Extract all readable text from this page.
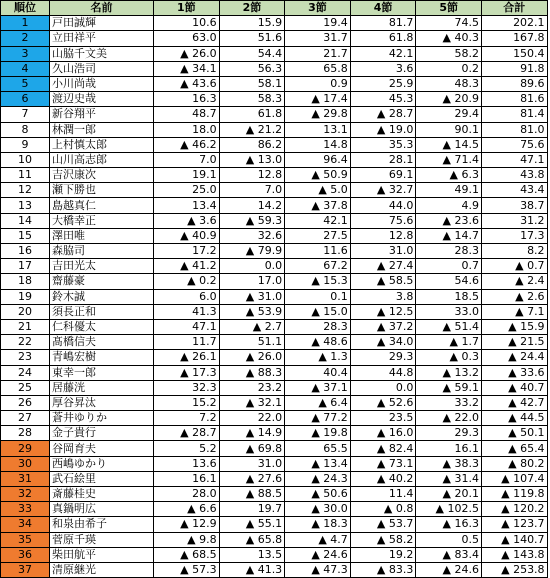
順位	名前	1節	2節	3節	4節	5節	合計
1	戸田誠輝	10.6	15.9	19.4	81.7	74.5	202.1
2	立田祥平	63.0	51.6	31.7	61.8	▲ 40.3	167.8
3	山脇千文美	▲ 26.0	54.4	21.7	42.1	58.2	150.4
4	久山浩司	▲ 34.1	56.3	65.8	3.6	0.2	91.8
5	小川尚哉	▲ 43.6	58.1	0.9	25.9	48.3	89.6
6	渡辺史哉	16.3	58.3	▲ 17.4	45.3	▲ 20.9	81.6
7	新谷翔平	48.7	61.8	▲ 29.8	▲ 28.7	29.4	81.4
8	林潤一郎	18.0	▲ 21.2	13.1	▲ 19.0	90.1	81.0
9	上村慎太郎	▲ 46.2	86.2	14.8	35.3	▲ 14.5	75.6
10	山川高志郎	7.0	▲ 13.0	96.4	28.1	▲ 71.4	47.1
11	吉沢康次	19.1	12.8	▲ 50.9	69.1	▲ 6.3	43.8
12	瀬下勝也	25.0	7.0	▲ 5.0	▲ 32.7	49.1	43.4
13	島越真仁	13.4	14.2	▲ 37.8	44.0	4.9	38.7
14	大橋幸正	▲ 3.6	▲ 59.3	42.1	75.6	▲ 23.6	31.2
15	澤田唯	▲ 40.9	32.6	27.5	12.8	▲ 14.7	17.3
16	森脇司	17.2	▲ 79.9	11.6	31.0	28.3	8.2
17	吉田光太	▲ 41.2	0.0	67.2	▲ 27.4	0.7	▲ 0.7
18	齋藤豪	▲ 0.2	17.0	▲ 15.3	▲ 58.5	54.6	▲ 2.4
19	鈴木誠	6.0	▲ 31.0	0.1	3.8	18.5	▲ 2.6
20	須長正和	41.3	▲ 53.9	▲ 15.0	▲ 12.5	33.0	▲ 7.1
21	仁科優太	47.1	▲ 2.7	28.3	▲ 37.2	▲ 51.4	▲ 15.9
22	髙橋信夫	11.7	51.1	▲ 48.6	▲ 34.0	▲ 1.7	▲ 21.5
23	青嶋宏樹	▲ 26.1	▲ 26.0	▲ 1.3	29.3	▲ 0.3	▲ 24.4
24	東幸一郎	▲ 17.3	▲ 88.3	40.4	44.8	▲ 13.2	▲ 33.6
25	居藤洸	32.3	23.2	▲ 37.1	0.0	▲ 59.1	▲ 40.7
26	厚谷昇汰	15.2	▲ 32.1	▲ 6.4	▲ 52.6	33.2	▲ 42.7
27	蒼井ゆりか	7.2	22.0	▲ 77.2	23.5	▲ 22.0	▲ 44.5
28	金子貴行	▲ 28.7	▲ 14.9	▲ 19.8	▲ 16.0	29.3	▲ 50.1
29	谷岡育夫	5.2	▲ 69.8	65.5	▲ 82.4	16.1	▲ 65.4
30	西嶋ゆかり	13.6	31.0	▲ 13.4	▲ 73.1	▲ 38.3	▲ 80.2
31	武石絵里	16.1	▲ 27.6	▲ 24.3	▲ 40.2	▲ 31.4	▲ 107.4
32	斎藤桂史	28.0	▲ 88.5	▲ 50.6	11.4	▲ 20.1	▲ 119.8
33	真鍋明広	▲ 6.6	19.7	▲ 30.0	▲ 0.8	▲ 102.5	▲ 120.2
34	和泉由希子	▲ 12.9	▲ 55.1	▲ 18.3	▲ 53.7	▲ 16.3	▲ 123.7
35	菅原千瑛	▲ 9.8	▲ 65.8	▲ 4.7	▲ 58.2	0.5	▲ 140.7
36	柴田航平	▲ 68.5	13.5	▲ 24.6	19.2	▲ 83.4	▲ 143.8
37	清原継光	▲ 57.3	▲ 41.3	▲ 47.3	▲ 83.3	▲ 24.6	▲ 253.8
